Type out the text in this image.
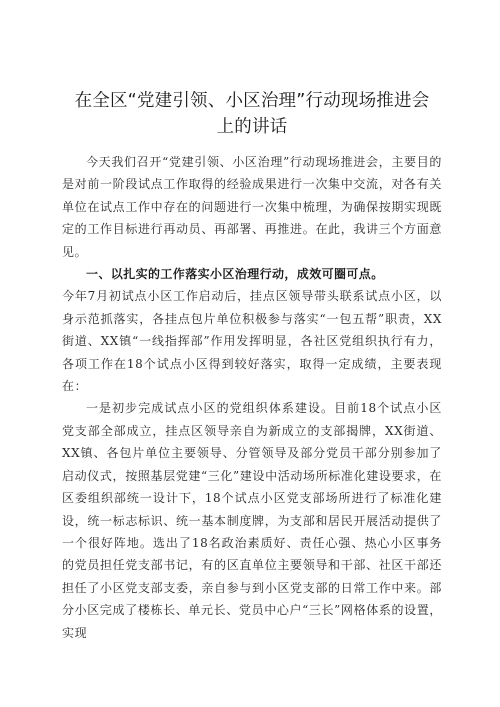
在全区“党建引领、小区治理”行动现场推进会
上的讲话

今天我们召开“党建引领、小区治理”行动现场推进会，主要目的是对前一阶段试点工作取得的经验成果进行一次集中交流，对各有关单位在试点工作中存在的问题进行一次集中梳理，为确保按期实现既定的工作目标进行再动员、再部署、再推进。在此，我讲三个方面意见。

一、以扎实的工作落实小区治理行动，成效可圈可点。

今年7月初试点小区工作启动后，挂点区领导带头联系试点小区，以身示范抓落实，各挂点包片单位积极参与落实“一包五帮”职责，XX街道、XX镇“一线指挥部”作用发挥明显，各社区党组织执行有力，各项工作在18个试点小区得到较好落实，取得一定成绩，主要表现在：

一是初步完成试点小区的党组织体系建设。目前18个试点小区党支部全部成立，挂点区领导亲自为新成立的支部揭牌，XX街道、XX镇、各包片单位主要领导、分管领导及部分党员干部分别参加了启动仪式，按照基层党建“三化”建设中活动场所标准化建设要求，在区委组织部统一设计下，18个试点小区党支部场所进行了标准化建设，统一标志标识、统一基本制度牌，为支部和居民开展活动提供了一个很好阵地。选出了18名政治素质好、责任心强、热心小区事务的党员担任党支部书记，有的区直单位主要领导和干部、社区干部还担任了小区党支部支委，亲自参与到小区党支部的日常工作中来。部分小区完成了楼栋长、单元长、党员中心户“三长”网格体系的设置，实现
